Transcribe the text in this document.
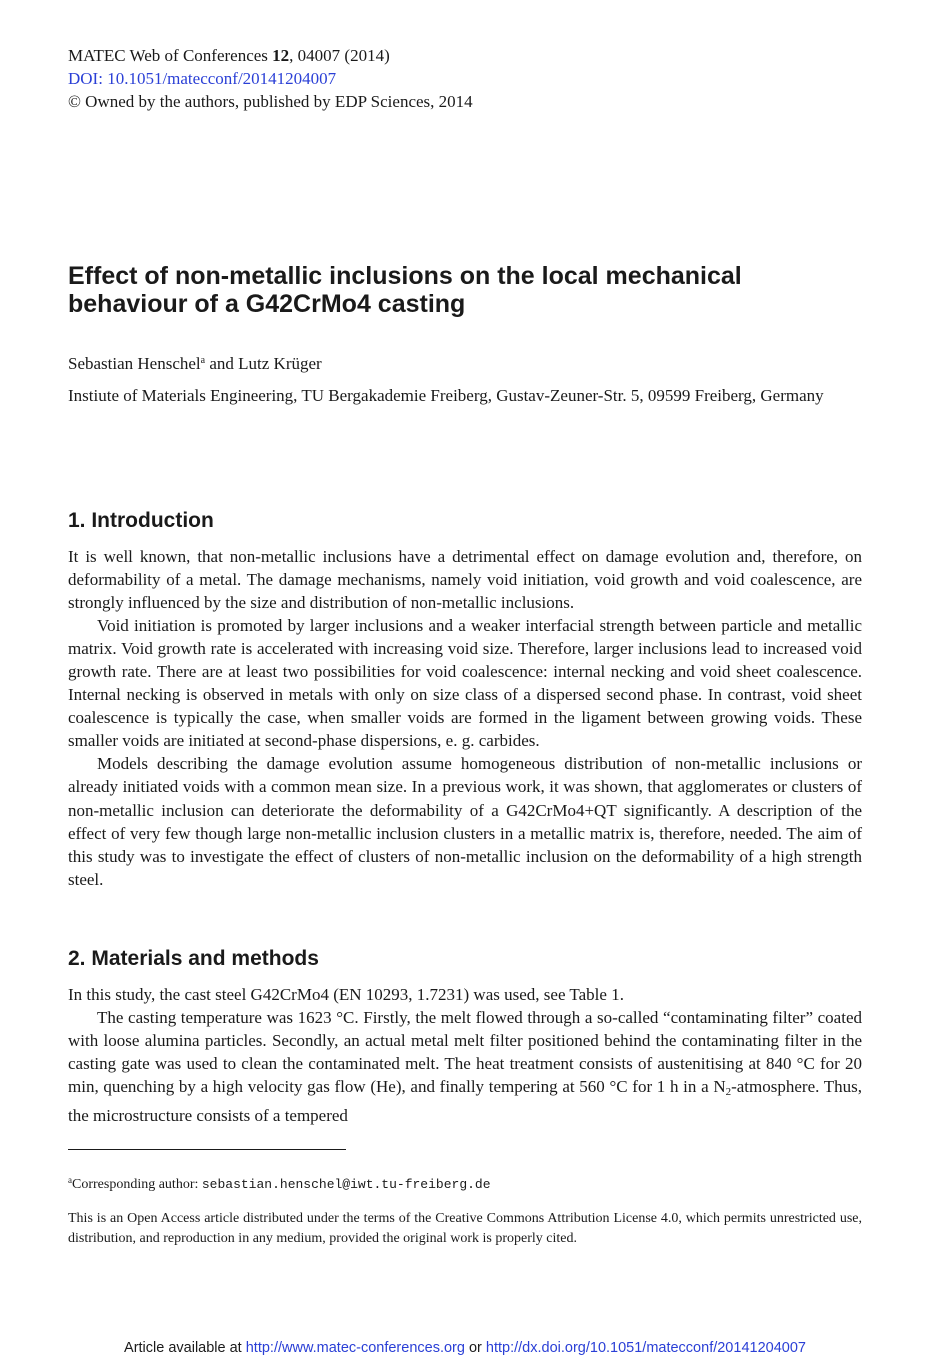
MATEC Web of Conferences 12, 04007 (2014)
DOI: 10.1051/matecconf/20141204007
© Owned by the authors, published by EDP Sciences, 2014
Effect of non-metallic inclusions on the local mechanical behaviour of a G42CrMo4 casting
Sebastian Henschel$^a$ and Lutz Krüger
Instiute of Materials Engineering, TU Bergakademie Freiberg, Gustav-Zeuner-Str. 5, 09599 Freiberg, Germany
1. Introduction

It is well known, that non-metallic inclusions have a detrimental effect on damage evolution and, therefore, on deformability of a metal. The damage mechanisms, namely void initiation, void growth and void coalescence, are strongly influenced by the size and distribution of non-metallic inclusions.

Void initiation is promoted by larger inclusions and a weaker interfacial strength between particle and metallic matrix. Void growth rate is accelerated with increasing void size. Therefore, larger inclusions lead to increased void growth rate. There are at least two possibilities for void coalescence: internal necking and void sheet coalescence. Internal necking is observed in metals with only on size class of a dispersed second phase. In contrast, void sheet coalescence is typically the case, when smaller voids are formed in the ligament between growing voids. These smaller voids are initiated at second-phase dispersions, e. g. carbides.

Models describing the damage evolution assume homogeneous distribution of non-metallic inclusions or already initiated voids with a common mean size. In a previous work, it was shown, that agglomerates or clusters of non-metallic inclusion can deteriorate the deformability of a G42CrMo4+QT significantly. A description of the effect of very few though large non-metallic inclusion clusters in a metallic matrix is, therefore, needed. The aim of this study was to investigate the effect of clusters of non-metallic inclusion on the deformability of a high strength steel.

2. Materials and methods

In this study, the cast steel G42CrMo4 (EN 10293, 1.7231) was used, see Table 1.

The casting temperature was 1623 °C. Firstly, the melt flowed through a so-called “contaminating filter” coated with loose alumina particles. Secondly, an actual metal melt filter positioned behind the contaminating filter in the casting gate was used to clean the contaminated melt. The heat treatment consists of austenitising at 840 °C for 20 min, quenching by a high velocity gas flow (He), and finally tempering at 560 °C for 1 h in a $N_2$-atmosphere. Thus, the microstructure consists of a tempered

$^a$Corresponding author: sebastian.henschel@iwt.tu-freiberg.de
This is an Open Access article distributed under the terms of the Creative Commons Attribution License 4.0, which permits unrestricted use, distribution, and reproduction in any medium, provided the original work is properly cited.
Article available at http://www.matec-conferences.org or http://dx.doi.org/10.1051/matecconf/20141204007
